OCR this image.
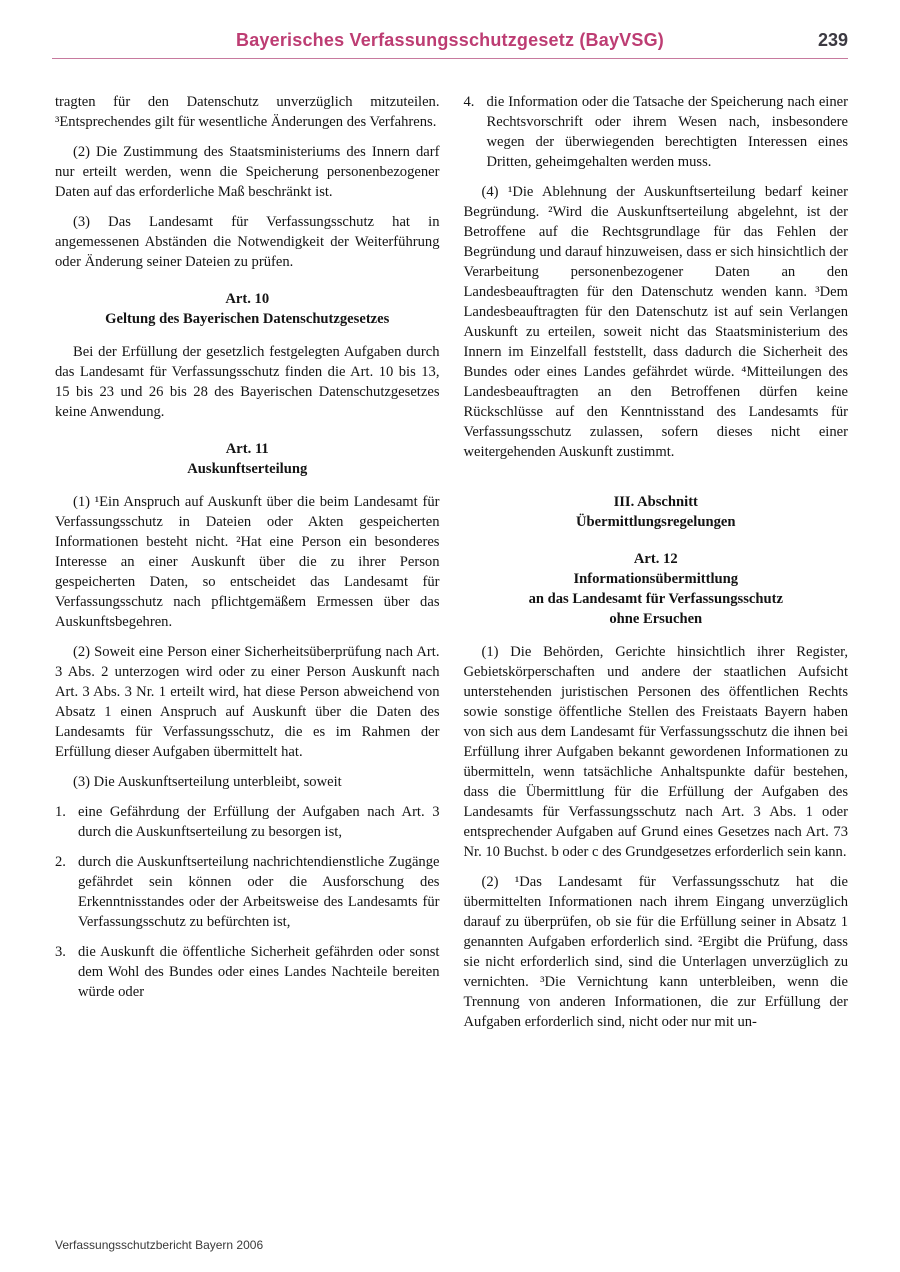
Bayerisches Verfassungsschutzgesetz (BayVSG)	239

tragten für den Datenschutz unverzüglich mitzuteilen. ³Entsprechendes gilt für wesentliche Änderungen des Verfahrens.

(2) Die Zustimmung des Staatsministeriums des Innern darf nur erteilt werden, wenn die Speicherung personenbezogener Daten auf das erforderliche Maß beschränkt ist.

(3) Das Landesamt für Verfassungsschutz hat in angemessenen Abständen die Notwendigkeit der Weiterführung oder Änderung seiner Dateien zu prüfen.

Art. 10
Geltung des Bayerischen Datenschutzgesetzes

Bei der Erfüllung der gesetzlich festgelegten Aufgaben durch das Landesamt für Verfassungsschutz finden die Art. 10 bis 13, 15 bis 23 und 26 bis 28 des Bayerischen Datenschutzgesetzes keine Anwendung.

Art. 11
Auskunftserteilung

(1) ¹Ein Anspruch auf Auskunft über die beim Landesamt für Verfassungsschutz in Dateien oder Akten gespeicherten Informationen besteht nicht. ²Hat eine Person ein besonderes Interesse an einer Auskunft über die zu ihrer Person gespeicherten Daten, so entscheidet das Landesamt für Verfassungsschutz nach pflichtgemäßem Ermessen über das Auskunftsbegehren.

(2) Soweit eine Person einer Sicherheitsüberprüfung nach Art. 3 Abs. 2 unterzogen wird oder zu einer Person Auskunft nach Art. 3 Abs. 3 Nr. 1 erteilt wird, hat diese Person abweichend von Absatz 1 einen Anspruch auf Auskunft über die Daten des Landesamts für Verfassungsschutz, die es im Rahmen der Erfüllung dieser Aufgaben übermittelt hat.

(3) Die Auskunftserteilung unterbleibt, soweit

1. eine Gefährdung der Erfüllung der Aufgaben nach Art. 3 durch die Auskunftserteilung zu besorgen ist,
2. durch die Auskunftserteilung nachrichtendienstliche Zugänge gefährdet sein können oder die Ausforschung des Erkenntnisstandes oder der Arbeitsweise des Landesamts für Verfassungsschutz zu befürchten ist,
3. die Auskunft die öffentliche Sicherheit gefährden oder sonst dem Wohl des Bundes oder eines Landes Nachteile bereiten würde oder
4. die Information oder die Tatsache der Speicherung nach einer Rechtsvorschrift oder ihrem Wesen nach, insbesondere wegen der überwiegenden berechtigten Interessen eines Dritten, geheimgehalten werden muss.

(4) ¹Die Ablehnung der Auskunftserteilung bedarf keiner Begründung. ²Wird die Auskunftserteilung abgelehnt, ist der Betroffene auf die Rechtsgrundlage für das Fehlen der Begründung und darauf hinzuweisen, dass er sich hinsichtlich der Verarbeitung personenbezogener Daten an den Landesbeauftragten für den Datenschutz wenden kann. ³Dem Landesbeauftragten für den Datenschutz ist auf sein Verlangen Auskunft zu erteilen, soweit nicht das Staatsministerium des Innern im Einzelfall feststellt, dass dadurch die Sicherheit des Bundes oder eines Landes gefährdet würde. ⁴Mitteilungen des Landesbeauftragten an den Betroffenen dürfen keine Rückschlüsse auf den Kenntnisstand des Landesamts für Verfassungsschutz zulassen, sofern dieses nicht einer weitergehenden Auskunft zustimmt.

III. Abschnitt
Übermittlungsregelungen
Art. 12
Informationsübermittlung
an das Landesamt für Verfassungsschutz
ohne Ersuchen

(1) Die Behörden, Gerichte hinsichtlich ihrer Register, Gebietskörperschaften und andere der staatlichen Aufsicht unterstehenden juristischen Personen des öffentlichen Rechts sowie sonstige öffentliche Stellen des Freistaats Bayern haben von sich aus dem Landesamt für Verfassungsschutz die ihnen bei Erfüllung ihrer Aufgaben bekannt gewordenen Informationen zu übermitteln, wenn tatsächliche Anhaltspunkte dafür bestehen, dass die Übermittlung für die Erfüllung der Aufgaben des Landesamts für Verfassungsschutz nach Art. 3 Abs. 1 oder entsprechender Aufgaben auf Grund eines Gesetzes nach Art. 73 Nr. 10 Buchst. b oder c des Grundgesetzes erforderlich sein kann.

(2) ¹Das Landesamt für Verfassungsschutz hat die übermittelten Informationen nach ihrem Eingang unverzüglich darauf zu überprüfen, ob sie für die Erfüllung seiner in Absatz 1 genannten Aufgaben erforderlich sind. ²Ergibt die Prüfung, dass sie nicht erforderlich sind, sind die Unterlagen unverzüglich zu vernichten. ³Die Vernichtung kann unterbleiben, wenn die Trennung von anderen Informationen, die zur Erfüllung der Aufgaben erforderlich sind, nicht oder nur mit un-

Verfassungsschutzbericht Bayern 2006
